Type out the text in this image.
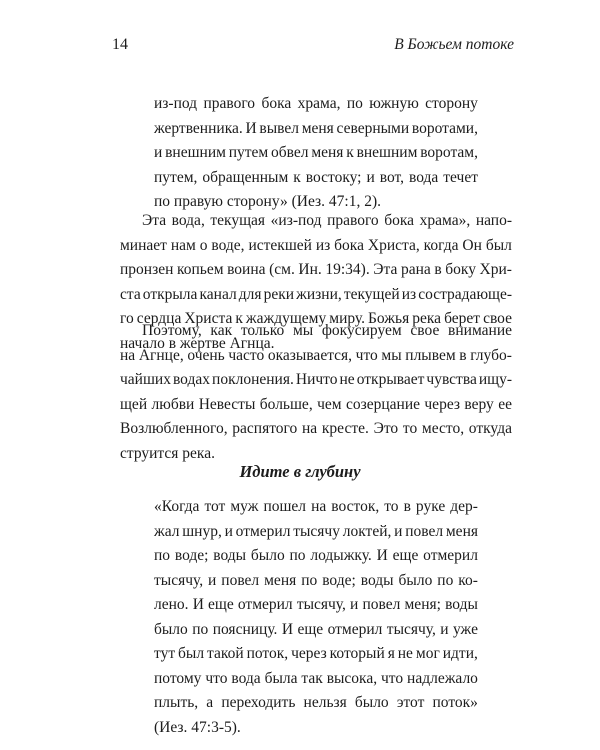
14	В Божьем потоке
из-под правого бока храма, по южную сторону
жертвенника. И вывел меня северными воротами,
и внешним путем обвел меня к внешним воротам,
путем, обращенным к востоку; и вот, вода течет
по правую сторону» (Иез. 47:1, 2).
Эта вода, текущая «из-под правого бока храма», напо-
минает нам о воде, истекшей из бока Христа, когда Он был
пронзен копьем воина (см. Ин. 19:34). Эта рана в боку Хри-
ста открыла канал для реки жизни, текущей из сострадающе-
го сердца Христа к жаждущему миру. Божья река берет свое
начало в жертве Агнца.
Поэтому, как только мы фокусируем свое внимание
на Агнце, очень часто оказывается, что мы плывем в глубо-
чайших водах поклонения. Ничто не открывает чувства ищу-
щей любви Невесты больше, чем созерцание через веру ее
Возлюбленного, распятого на кресте. Это то место, откуда
струится река.
Идите в глубину
«Когда тот муж пошел на восток, то в руке дер-
жал шнур, и отмерил тысячу локтей, и повел меня
по воде; воды было по лодыжку. И еще отмерил
тысячу, и повел меня по воде; воды было по ко-
лено. И еще отмерил тысячу, и повел меня; воды
было по поясницу. И еще отмерил тысячу, и уже
тут был такой поток, через который я не мог идти,
потому что вода была так высока, что надлежало
плыть, а переходить нельзя было этот поток»
(Иез. 47:3-5).
